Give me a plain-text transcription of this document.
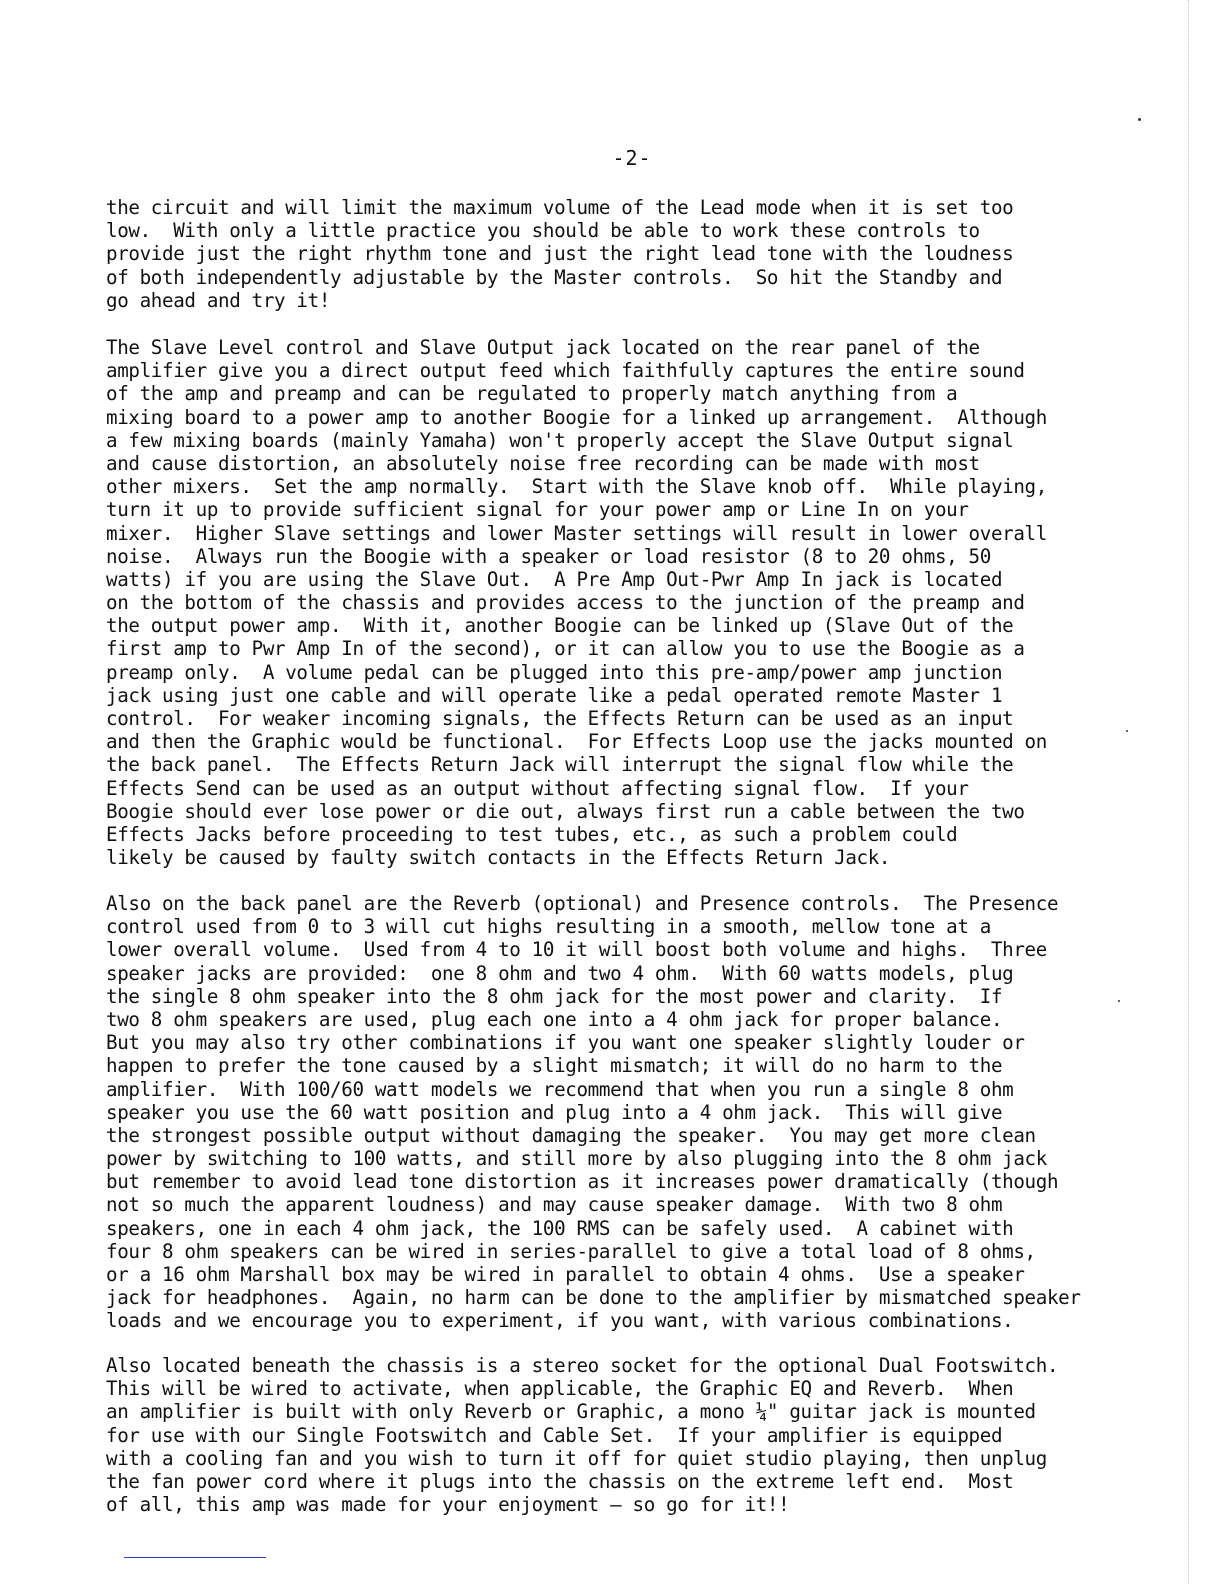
-2-
the circuit and will limit the maximum volume of the Lead mode when it is set too
low.  With only a little practice you should be able to work these controls to
provide just the right rhythm tone and just the right lead tone with the loudness
of both independently adjustable by the Master controls.  So hit the Standby and
go ahead and try it!
The Slave Level control and Slave Output jack located on the rear panel of the
amplifier give you a direct output feed which faithfully captures the entire sound
of the amp and preamp and can be regulated to properly match anything from a
mixing board to a power amp to another Boogie for a linked up arrangement.  Although
a few mixing boards (mainly Yamaha) won't properly accept the Slave Output signal
and cause distortion, an absolutely noise free recording can be made with most
other mixers.  Set the amp normally.  Start with the Slave knob off.  While playing,
turn it up to provide sufficient signal for your power amp or Line In on your
mixer.  Higher Slave settings and lower Master settings will result in lower overall
noise.  Always run the Boogie with a speaker or load resistor (8 to 20 ohms, 50
watts) if you are using the Slave Out.  A Pre Amp Out-Pwr Amp In jack is located
on the bottom of the chassis and provides access to the junction of the preamp and
the output power amp.  With it, another Boogie can be linked up (Slave Out of the
first amp to Pwr Amp In of the second), or it can allow you to use the Boogie as a
preamp only.  A volume pedal can be plugged into this pre-amp/power amp junction
jack using just one cable and will operate like a pedal operated remote Master 1
control.  For weaker incoming signals, the Effects Return can be used as an input
and then the Graphic would be functional.  For Effects Loop use the jacks mounted on
the back panel.  The Effects Return Jack will interrupt the signal flow while the
Effects Send can be used as an output without affecting signal flow.  If your
Boogie should ever lose power or die out, always first run a cable between the two
Effects Jacks before proceeding to test tubes, etc., as such a problem could
likely be caused by faulty switch contacts in the Effects Return Jack.
Also on the back panel are the Reverb (optional) and Presence controls.  The Presence
control used from 0 to 3 will cut highs resulting in a smooth, mellow tone at a
lower overall volume.  Used from 4 to 10 it will boost both volume and highs.  Three
speaker jacks are provided:  one 8 ohm and two 4 ohm.  With 60 watts models, plug
the single 8 ohm speaker into the 8 ohm jack for the most power and clarity.  If
two 8 ohm speakers are used, plug each one into a 4 ohm jack for proper balance.
But you may also try other combinations if you want one speaker slightly louder or
happen to prefer the tone caused by a slight mismatch; it will do no harm to the
amplifier.  With 100/60 watt models we recommend that when you run a single 8 ohm
speaker you use the 60 watt position and plug into a 4 ohm jack.  This will give
the strongest possible output without damaging the speaker.  You may get more clean
power by switching to 100 watts, and still more by also plugging into the 8 ohm jack
but remember to avoid lead tone distortion as it increases power dramatically (though
not so much the apparent loudness) and may cause speaker damage.  With two 8 ohm
speakers, one in each 4 ohm jack, the 100 RMS can be safely used.  A cabinet with
four 8 ohm speakers can be wired in series-parallel to give a total load of 8 ohms,
or a 16 ohm Marshall box may be wired in parallel to obtain 4 ohms.  Use a speaker
jack for headphones.  Again, no harm can be done to the amplifier by mismatched speaker
loads and we encourage you to experiment, if you want, with various combinations.
Also located beneath the chassis is a stereo socket for the optional Dual Footswitch.
This will be wired to activate, when applicable, the Graphic EQ and Reverb.  When
an amplifier is built with only Reverb or Graphic, a mono ¼" guitar jack is mounted
for use with our Single Footswitch and Cable Set.  If your amplifier is equipped
with a cooling fan and you wish to turn it off for quiet studio playing, then unplug
the fan power cord where it plugs into the chassis on the extreme left end.  Most
of all, this amp was made for your enjoyment — so go for it!!
